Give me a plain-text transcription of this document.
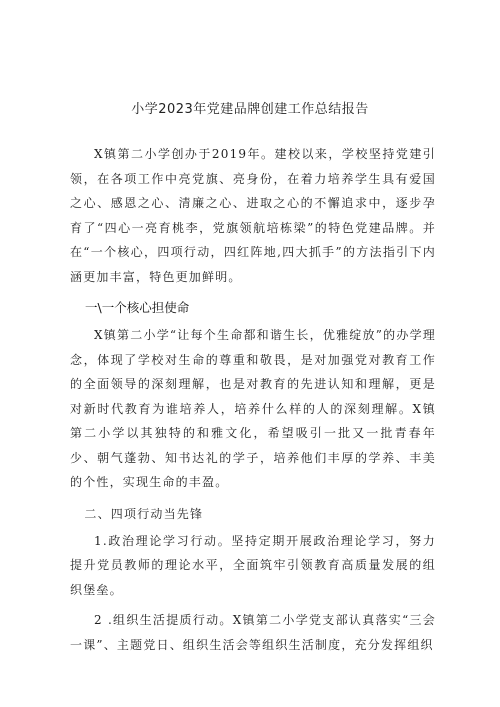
小学2023年党建品牌创建工作总结报告

X镇第二小学创办于2019年。建校以来，学校坚持党建引领，在各项工作中亮党旗、亮身份，在着力培养学生具有爱国之心、感恩之心、清廉之心、进取之心的不懈追求中，逐步孕育了“四心一亮育桃李，党旗领航培栋梁”的特色党建品牌。并在“一个核心，四项行动，四红阵地,四大抓手”的方法指引下内涵更加丰富，特色更加鲜明。

一\一个核心担使命

X镇第二小学“让每个生命都和谐生长，优雅绽放”的办学理念，体现了学校对生命的尊重和敬畏，是对加强党对教育工作的全面领导的深刻理解，也是对教育的先进认知和理解，更是对新时代教育为谁培养人，培养什么样的人的深刻理解。X镇第二小学以其独特的和雅文化，希望吸引一批又一批青春年少、朝气蓬勃、知书达礼的学子，培养他们丰厚的学养、丰美的个性，实现生命的丰盈。

二、四项行动当先锋

1.政治理论学习行动。坚持定期开展政治理论学习，努力提升党员教师的理论水平，全面筑牢引领教育高质量发展的组织堡垒。

2 .组织生活提质行动。X镇第二小学党支部认真落实“三会一课”、主题党日、组织生活会等组织生活制度，充分发挥组织
